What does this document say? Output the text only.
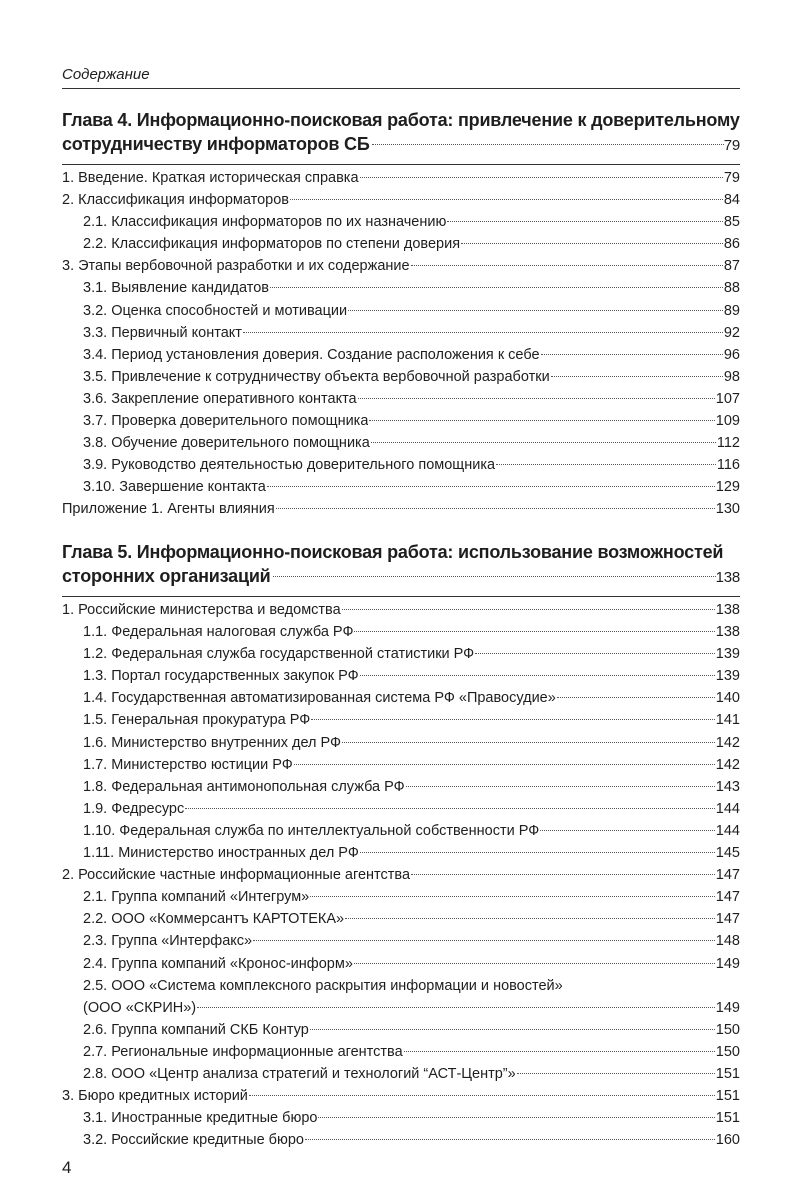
Содержание
Глава 4. Информационно-поисковая работа: привлечение к доверительному
сотрудничеству информаторов СБ	79
1. Введение. Краткая историческая справка	79
2. Классификация информаторов	84
2.1. Классификация информаторов по их назначению	85
2.2. Классификация информаторов по степени доверия	86
3. Этапы вербовочной разработки и их содержание	87
3.1. Выявление кандидатов	88
3.2. Оценка способностей и мотивации	89
3.3. Первичный контакт	92
3.4. Период установления доверия. Создание расположения к себе	96
3.5. Привлечение к сотрудничеству объекта вербовочной разработки	98
3.6. Закрепление оперативного контакта	107
3.7. Проверка доверительного помощника	109
3.8. Обучение доверительного помощника	112
3.9. Руководство деятельностью доверительного помощника	116
3.10. Завершение контакта	129
Приложение 1. Агенты влияния	130
Глава 5. Информационно-поисковая работа: использование возможностей
сторонних организаций	138
1. Российские министерства и ведомства	138
1.1. Федеральная налоговая служба РФ	138
1.2. Федеральная служба государственной статистики РФ	139
1.3. Портал государственных закупок РФ	139
1.4. Государственная автоматизированная система РФ «Правосудие»	140
1.5. Генеральная прокуратура РФ	141
1.6. Министерство внутренних дел РФ	142
1.7. Министерство юстиции РФ	142
1.8. Федеральная антимонопольная служба РФ	143
1.9. Федресурс	144
1.10. Федеральная служба по интеллектуальной собственности РФ	144
1.11. Министерство иностранных дел РФ	145
2. Российские частные информационные агентства	147
2.1. Группа компаний «Интегрум»	147
2.2. ООО «Коммерсантъ КАРТОТЕКА»	147
2.3. Группа «Интерфакс»	148
2.4. Группа компаний «Кронос-информ»	149
2.5. ООО «Система комплексного раскрытия информации и новостей»
(ООО «СКРИН»)	149
2.6. Группа компаний СКБ Контур	150
2.7. Региональные информационные агентства	150
2.8. ООО «Центр анализа стратегий и технологий “АСТ-Центр”»	151
3. Бюро кредитных историй	151
3.1. Иностранные кредитные бюро	151
3.2. Российские кредитные бюро	160
4
